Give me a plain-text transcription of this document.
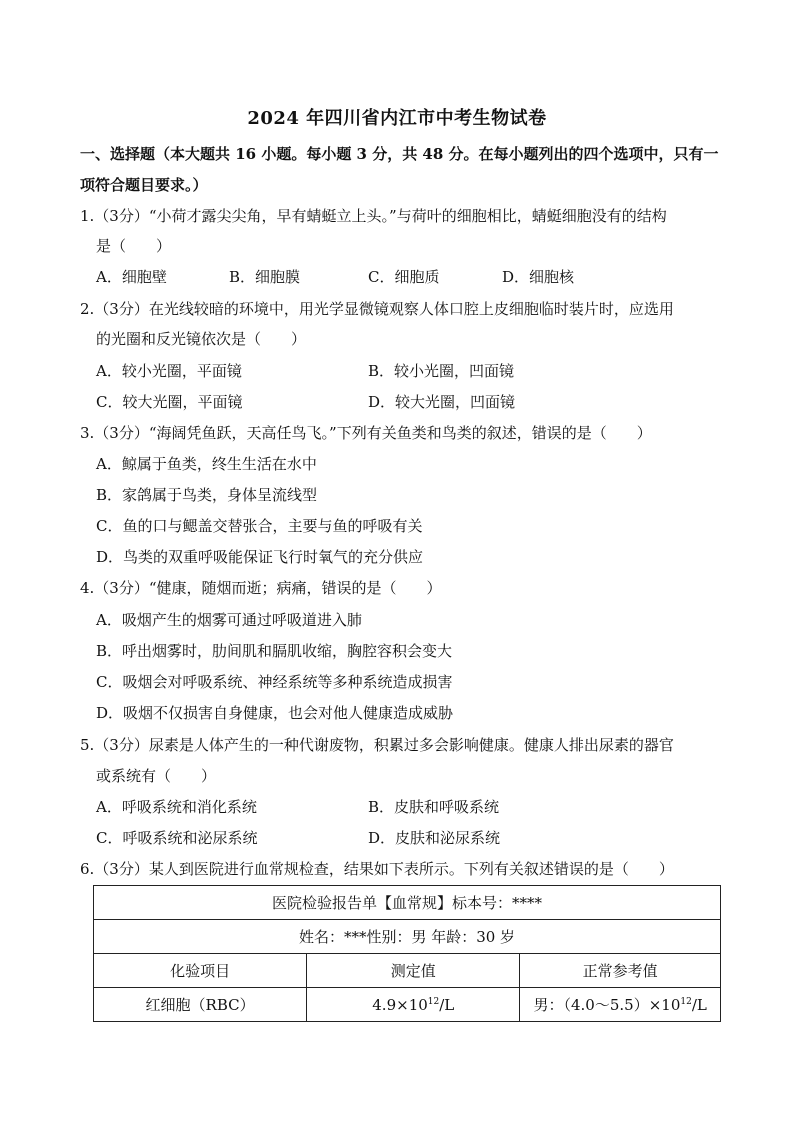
2024 年四川省内江市中考生物试卷
一、选择题（本大题共 16 小题。每小题 3 分，共 48 分。在每小题列出的四个选项中，只有一项符合题目要求。）
1.（3分）“小荷才露尖尖角，早有蜻蜓立上头。”与荷叶的细胞相比，蜻蜓细胞没有的结构
是（　　）
A．细胞壁	B．细胞膜	C．细胞质	D．细胞核
2.（3分）在光线较暗的环境中，用光学显微镜观察人体口腔上皮细胞临时装片时，应选用
的光圈和反光镜依次是（　　）
A．较小光圈，平面镜	B．较小光圈，凹面镜
C．较大光圈，平面镜	D．较大光圈，凹面镜
3.（3分）“海阔凭鱼跃，天高任鸟飞。”下列有关鱼类和鸟类的叙述，错误的是（　　）
A．鲸属于鱼类，终生生活在水中
B．家鸽属于鸟类，身体呈流线型
C．鱼的口与鳃盖交替张合，主要与鱼的呼吸有关
D．鸟类的双重呼吸能保证飞行时氧气的充分供应
4.（3分）“健康，随烟而逝；病痛，错误的是（　　）
A．吸烟产生的烟雾可通过呼吸道进入肺
B．呼出烟雾时，肋间肌和膈肌收缩，胸腔容积会变大
C．吸烟会对呼吸系统、神经系统等多种系统造成损害
D．吸烟不仅损害自身健康，也会对他人健康造成威胁
5.（3分）尿素是人体产生的一种代谢废物，积累过多会影响健康。健康人排出尿素的器官
或系统有（　　）
A．呼吸系统和消化系统	B．皮肤和呼吸系统
C．呼吸系统和泌尿系统	D．皮肤和泌尿系统
6.（3分）某人到医院进行血常规检查，结果如下表所示。下列有关叙述错误的是（　　）
医院检验报告单【血常规】标本号：****		
姓名：***性别：男 年龄：30 岁		
化验项目	测定值	正常参考值
红细胞（RBC）	$4.9\times 10^{12}/L$	男：$(4.0\sim 5.5)\times 10^{12}/L$
